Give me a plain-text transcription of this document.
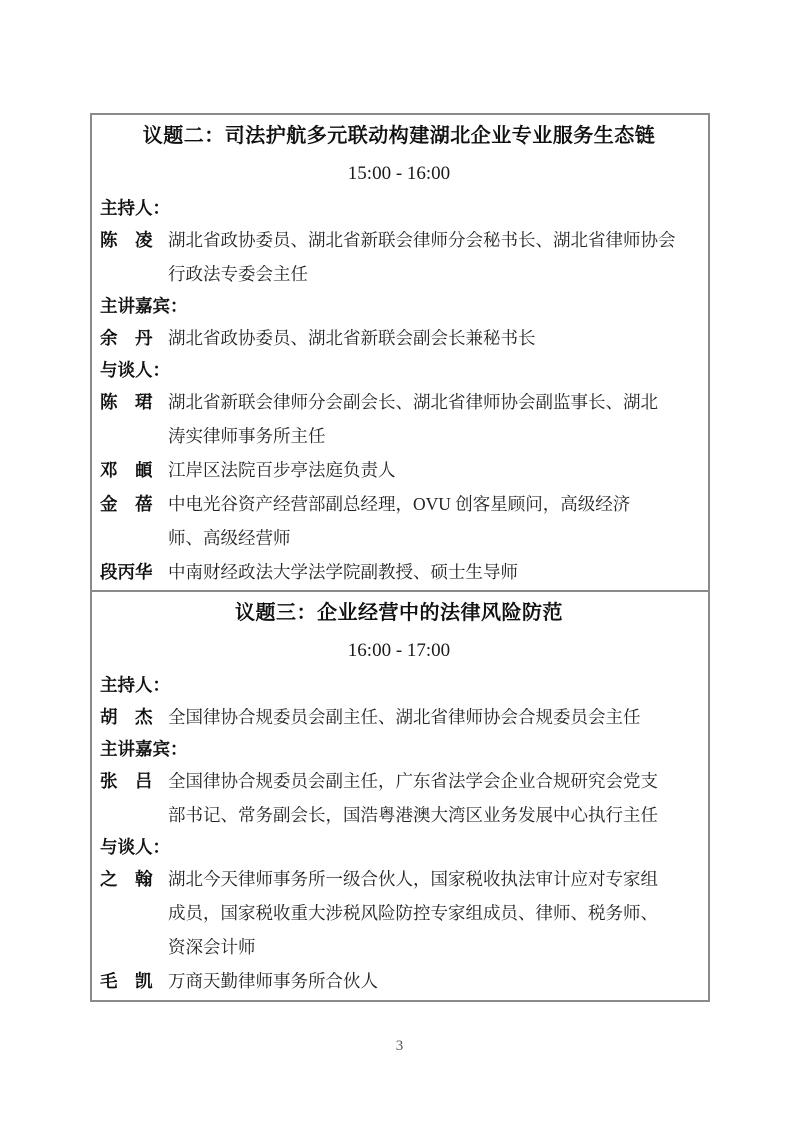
议题二：司法护航多元联动构建湖北企业专业服务生态链
15:00 - 16:00
主持人：
陈　凌 湖北省政协委员、湖北省新联会律师分会秘书长、湖北省律师协会
行政法专委会主任
主讲嘉宾：
余　丹 湖北省政协委员、湖北省新联会副会长兼秘书长
与谈人：
陈　珺 湖北省新联会律师分会副会长、湖北省律师协会副监事长、湖北
涛实律师事务所主任
邓　頔 江岸区法院百步亭法庭负责人
金　蓓 中电光谷资产经营部副总经理，OVU 创客星顾问，高级经济
师、高级经营师
段丙华 中南财经政法大学法学院副教授、硕士生导师
议题三：企业经营中的法律风险防范
16:00 - 17:00
主持人：
胡　杰 全国律协合规委员会副主任、湖北省律师协会合规委员会主任
主讲嘉宾：
张　吕 全国律协合规委员会副主任，广东省法学会企业合规研究会党支
部书记、常务副会长，国浩粤港澳大湾区业务发展中心执行主任
与谈人：
之　翰 湖北今天律师事务所一级合伙人，国家税收执法审计应对专家组
成员，国家税收重大涉税风险防控专家组成员、律师、税务师、
资深会计师
毛　凯 万商天勤律师事务所合伙人
3
